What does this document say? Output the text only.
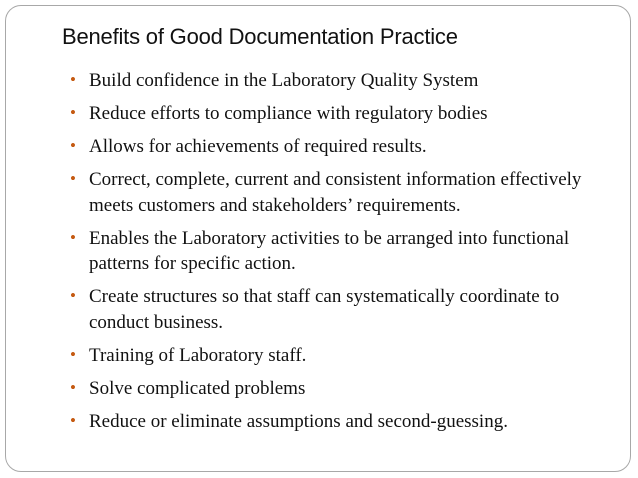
Benefits of Good Documentation Practice
• Build confidence in the Laboratory Quality System
• Reduce efforts to compliance with regulatory bodies
• Allows for achievements of required results.
• Correct, complete, current and consistent information effectively meets customers and stakeholders’ requirements.
• Enables the Laboratory activities to be arranged into functional patterns for specific action.
• Create structures so that staff can systematically coordinate to conduct business.
• Training of Laboratory staff.
• Solve complicated problems
• Reduce or eliminate assumptions and second-guessing.
